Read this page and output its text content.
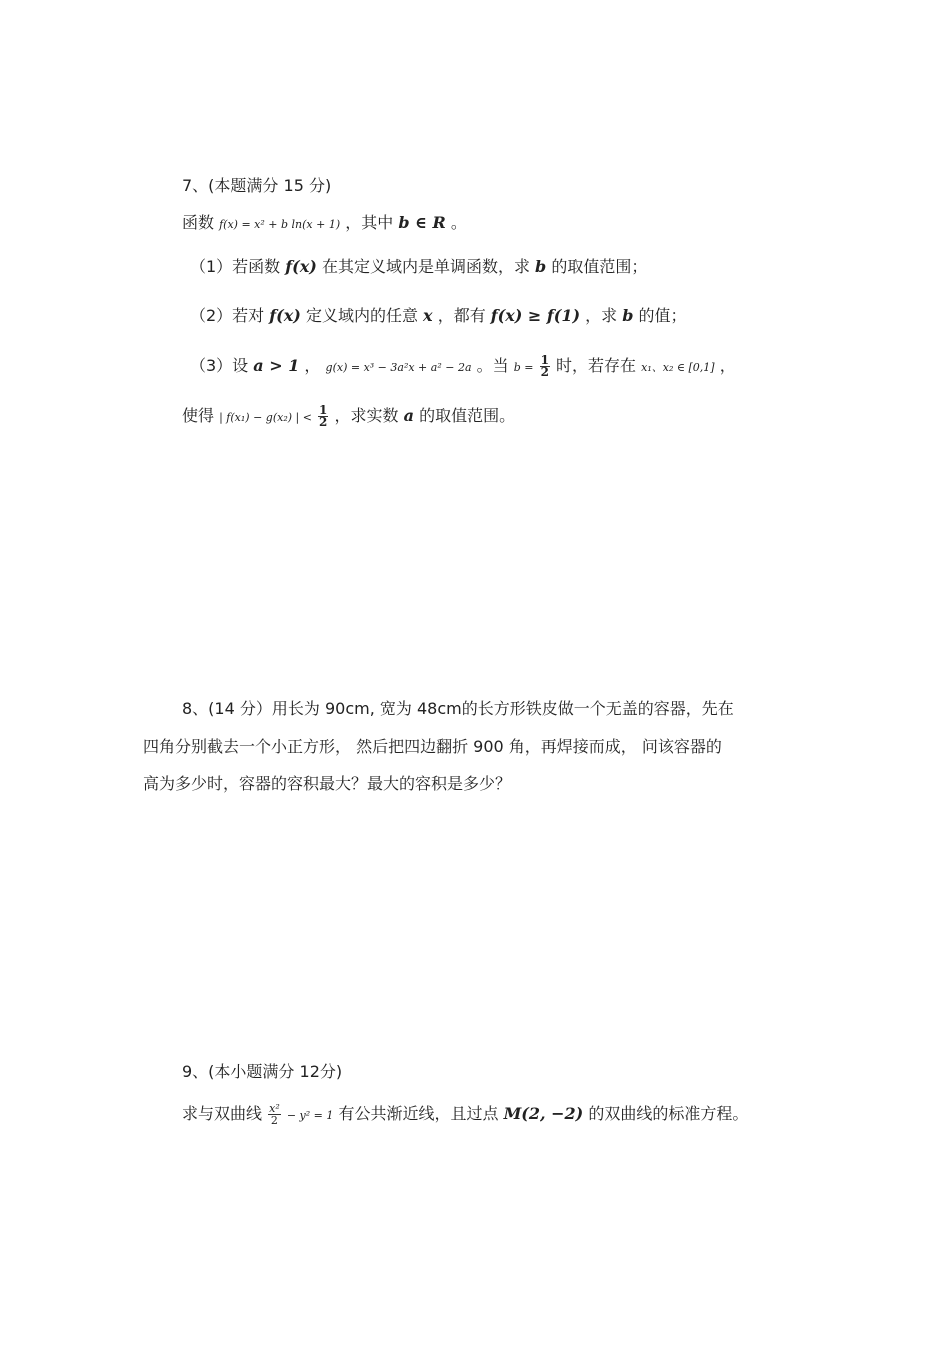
7、(本题满分 15 分)
函数 f(x) = x² + b ln(x + 1) ，其中 b ∈ R 。
（1）若函数 f(x) 在其定义域内是单调函数，求 b 的取值范围；
（2）若对 f(x) 定义域内的任意 x ，都有 f(x) ≥ f(1) ，求 b 的值；
（3）设 a > 1 ， g(x) = x³ − 3a²x + a² − 2a 。当 $b = \frac{1}{2}$ 时，若存在 x₁、x₂ ∈ [0,1] ，
使得 | f(x₁) − g(x₂) | < $\frac{1}{2}$ ，求实数 a 的取值范围。
8、(14 分）用长为 90cm, 宽为 48cm的长方形铁皮做一个无盖的容器，先在
四角分别截去一个小正方形， 然后把四边翻折 900 角，再焊接而成， 问该容器的
高为多少时，容器的容积最大？最大的容积是多少？
9、(本小题满分 12分)
求与双曲线 $\frac{\text{x²}}{2} - y^2 = 1$ 有公共渐近线，且过点 M(2, −2) 的双曲线的标准方程。
